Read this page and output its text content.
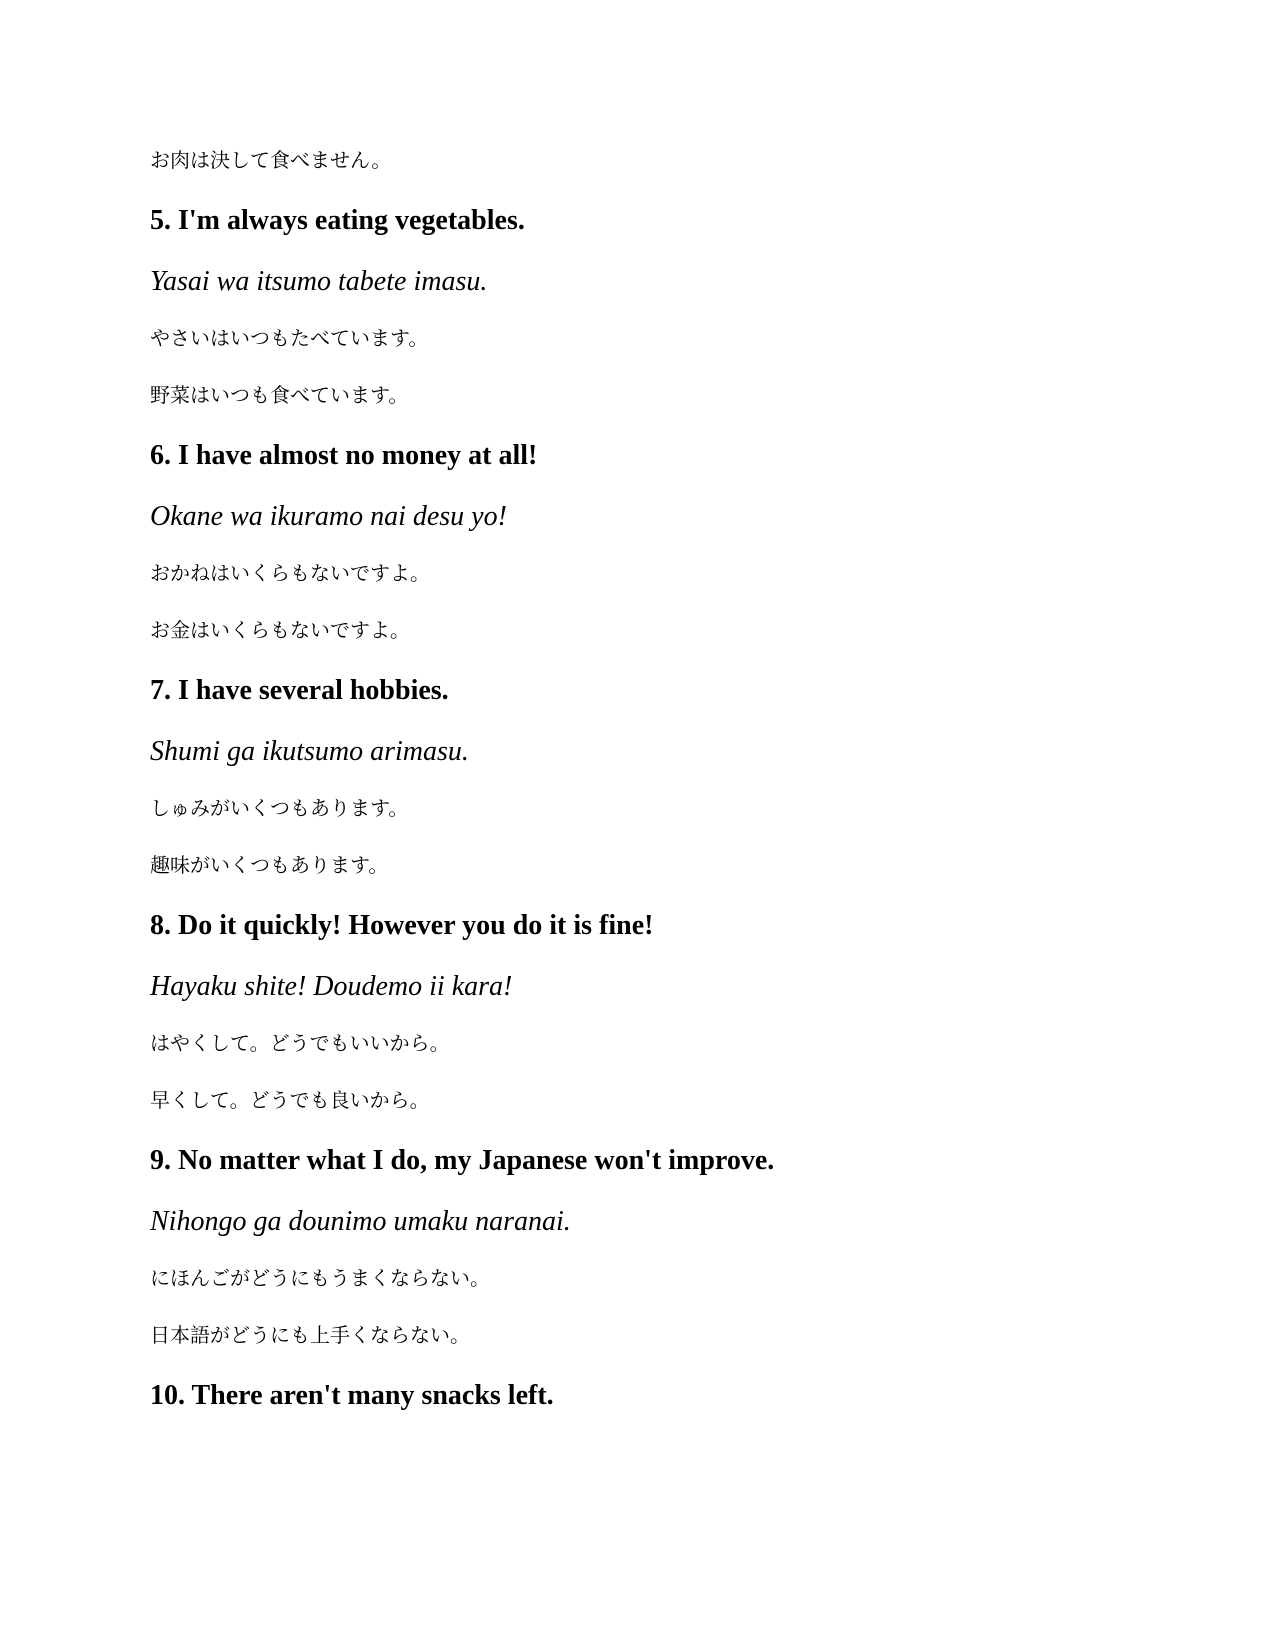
お肉は決して食べません。
5. I'm always eating vegetables.
Yasai wa itsumo tabete imasu.
やさいはいつもたべています。
野菜はいつも食べています。
6. I have almost no money at all!
Okane wa ikuramo nai desu yo!
おかねはいくらもないですよ。
お金はいくらもないですよ。
7. I have several hobbies.
Shumi ga ikutsumo arimasu.
しゅみがいくつもあります。
趣味がいくつもあります。
8. Do it quickly! However you do it is fine!
Hayaku shite! Doudemo ii kara!
はやくして。どうでもいいから。
早くして。どうでも良いから。
9. No matter what I do, my Japanese won't improve.
Nihongo ga dounimo umaku naranai.
にほんごがどうにもうまくならない。
日本語がどうにも上手くならない。
10. There aren't many snacks left.
